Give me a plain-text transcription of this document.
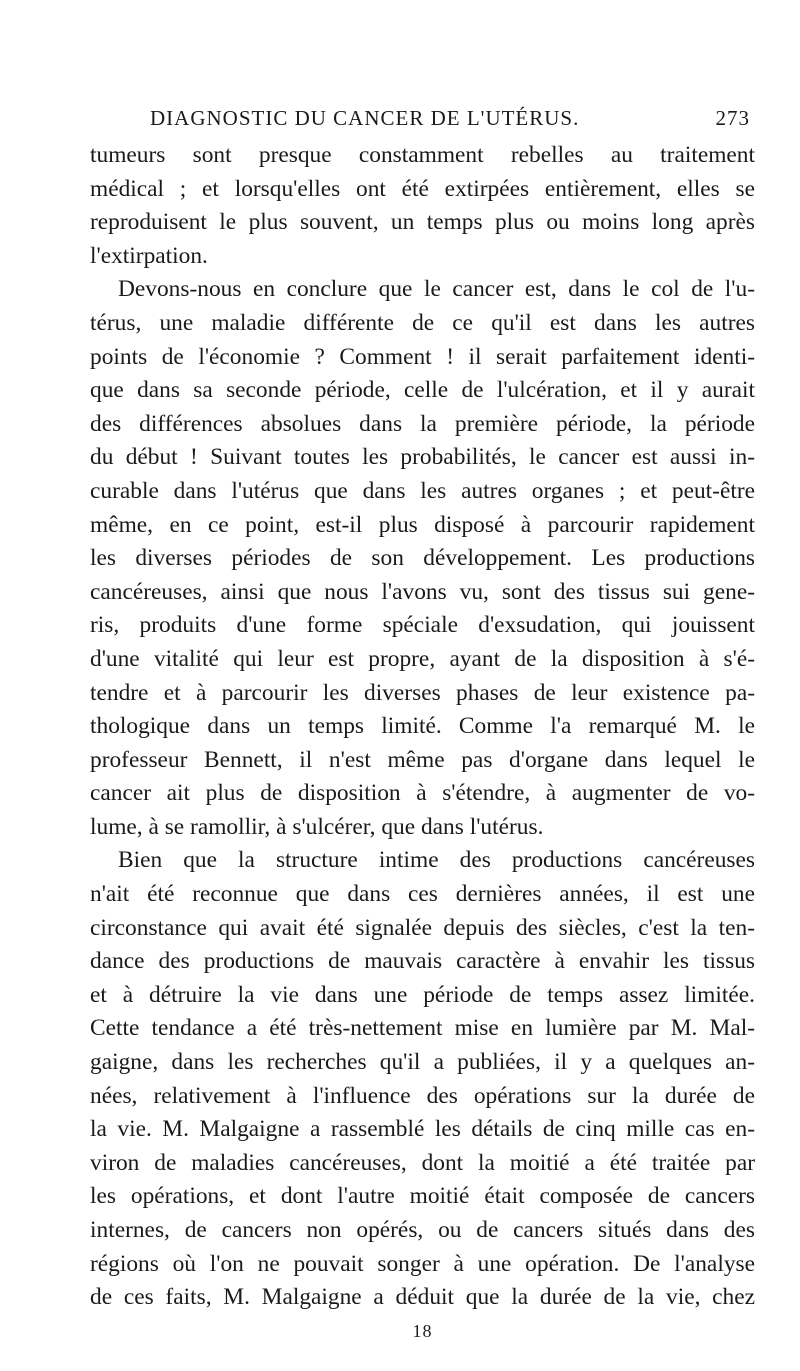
DIAGNOSTIC DU CANCER DE L'UTÉRUS.	273
tumeurs sont presque constamment rebelles au traitement
médical ; et lorsqu'elles ont été extirpées entièrement, elles se
reproduisent le plus souvent, un temps plus ou moins long après
l'extirpation.
Devons-nous en conclure que le cancer est, dans le col de l'u-
térus, une maladie différente de ce qu'il est dans les autres
points de l'économie ? Comment ! il serait parfaitement identi-
que dans sa seconde période, celle de l'ulcération, et il y aurait
des différences absolues dans la première période, la période
du début ! Suivant toutes les probabilités, le cancer est aussi in-
curable dans l'utérus que dans les autres organes ; et peut-être
même, en ce point, est-il plus disposé à parcourir rapidement
les diverses périodes de son développement. Les productions
cancéreuses, ainsi que nous l'avons vu, sont des tissus sui gene-
ris, produits d'une forme spéciale d'exsudation, qui jouissent
d'une vitalité qui leur est propre, ayant de la disposition à s'é-
tendre et à parcourir les diverses phases de leur existence pa-
thologique dans un temps limité. Comme l'a remarqué M. le
professeur Bennett, il n'est même pas d'organe dans lequel le
cancer ait plus de disposition à s'étendre, à augmenter de vo-
lume, à se ramollir, à s'ulcérer, que dans l'utérus.
Bien que la structure intime des productions cancéreuses
n'ait été reconnue que dans ces dernières années, il est une
circonstance qui avait été signalée depuis des siècles, c'est la ten-
dance des productions de mauvais caractère à envahir les tissus
et à détruire la vie dans une période de temps assez limitée.
Cette tendance a été très-nettement mise en lumière par M. Mal-
gaigne, dans les recherches qu'il a publiées, il y a quelques an-
nées, relativement à l'influence des opérations sur la durée de
la vie. M. Malgaigne a rassemblé les détails de cinq mille cas en-
viron de maladies cancéreuses, dont la moitié a été traitée par
les opérations, et dont l'autre moitié était composée de cancers
internes, de cancers non opérés, ou de cancers situés dans des
régions où l'on ne pouvait songer à une opération. De l'analyse
de ces faits, M. Malgaigne a déduit que la durée de la vie, chez
18
